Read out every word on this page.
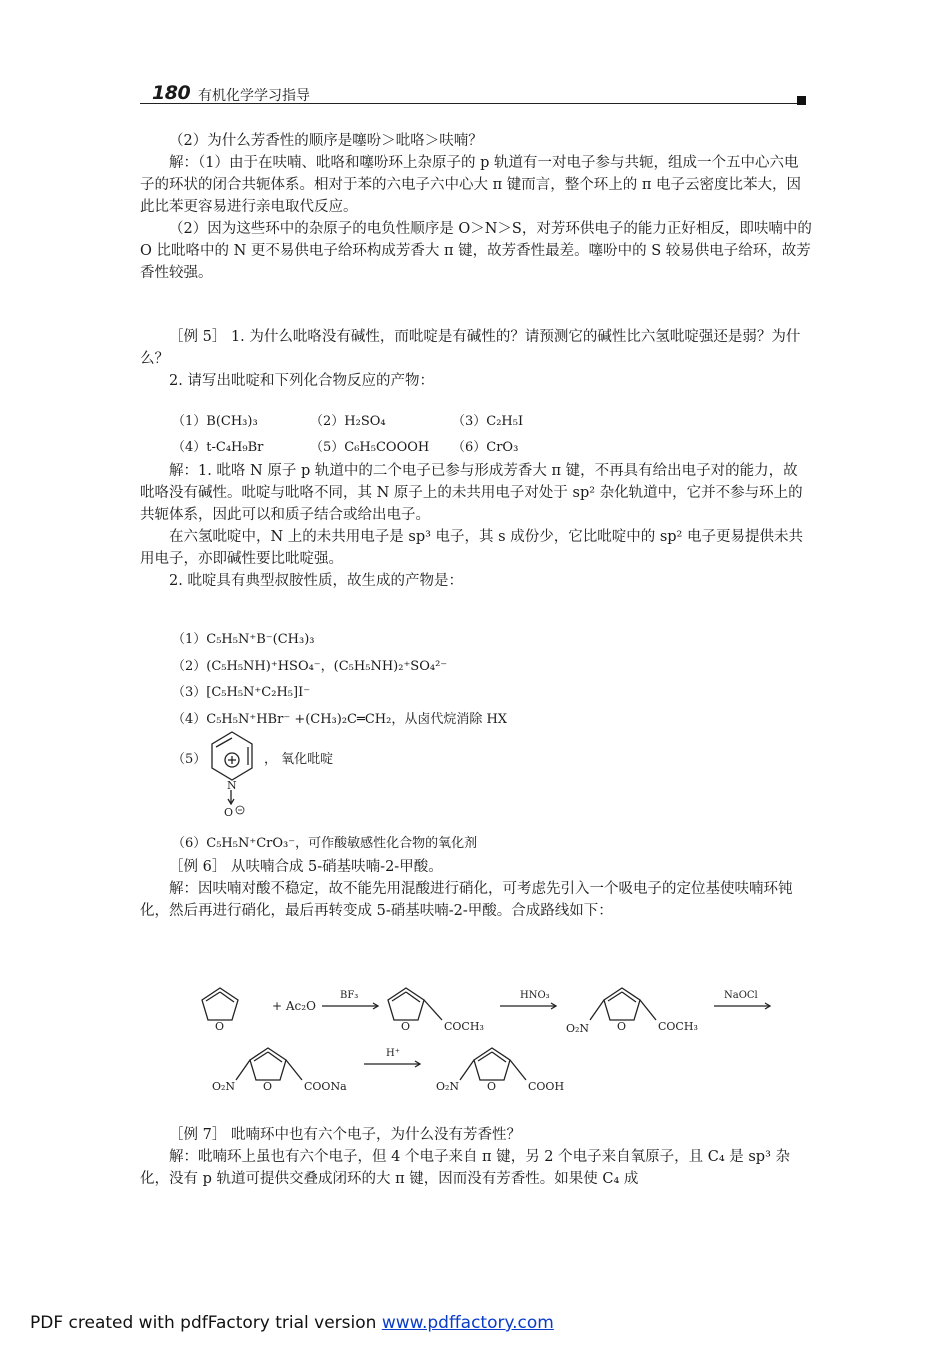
180 有机化学学习指导

（2）为什么芳香性的顺序是噻吩＞吡咯＞呋喃？

解：（1）由于在呋喃、吡咯和噻吩环上杂原子的 p 轨道有一对电子参与共轭，组成一个五中心六电子的环状的闭合共轭体系。相对于苯的六电子六中心大 π 键而言，整个环上的 π 电子云密度比苯大，因此比苯更容易进行亲电取代反应。

（2）因为这些环中的杂原子的电负性顺序是 O＞N＞S，对芳环供电子的能力正好相反，即呋喃中的 O 比吡咯中的 N 更不易供电子给环构成芳香大 π 键，故芳香性最差。噻吩中的 S 较易供电子给环，故芳香性较强。

［例 5］ 1. 为什么吡咯没有碱性，而吡啶是有碱性的？请预测它的碱性比六氢吡啶强还是弱？为什么？

2. 请写出吡啶和下列化合物反应的产物：

（1）B(CH₃)₃	（2）H₂SO₄	（3）C₂H₅I
（4）t-C₄H₉Br	（5）C₆H₅COOOH	（6）CrO₃

解：1. 吡咯 N 原子 p 轨道中的二个电子已参与形成芳香大 π 键，不再具有给出电子对的能力，故吡咯没有碱性。吡啶与吡咯不同，其 N 原子上的未共用电子对处于 sp² 杂化轨道中，它并不参与环上的共轭体系，因此可以和质子结合或给出电子。

在六氢吡啶中，N 上的未共用电子是 sp³ 电子，其 s 成份少，它比吡啶中的 sp² 电子更易提供未共用电子，亦即碱性要比吡啶强。

2. 吡啶具有典型叔胺性质，故生成的产物是：

（1）C₅H₅N⁺B⁻(CH₃)₃
（2）(C₅H₅NH)⁺HSO₄⁻，(C₅H₅NH)₂⁺SO₄²⁻
（3）[C₅H₅N⁺C₂H₅]I⁻
（4）C₅H₅N⁺HBr⁻ +(CH₃)₂C═CH₂，从卤代烷消除 HX
（5）
N
O
， 氧化吡啶
（6）C₅H₅N⁺CrO₃⁻，可作酸敏感性化合物的氧化剂

［例 6］ 从呋喃合成 5-硝基呋喃-2-甲酸。

解：因呋喃对酸不稳定，故不能先用混酸进行硝化，可考虑先引入一个吸电子的定位基使呋喃环钝化，然后再进行硝化，最后再转变成 5-硝基呋喃-2-甲酸。合成路线如下：

O
+ Ac₂O
BF₃
O	COCH₃
HNO₃
O₂N	O	COCH₃
NaOCl
O₂N	O	COONa
H⁺
O₂N	O	COOH

［例 7］ 吡喃环中也有六个电子，为什么没有芳香性？

解：吡喃环上虽也有六个电子，但 4 个电子来自 π 键，另 2 个电子来自氧原子，且 C₄ 是 sp³ 杂化，没有 p 轨道可提供交叠成闭环的大 π 键，因而没有芳香性。如果使 C₄ 成

PDF created with pdfFactory trial version www.pdffactory.com
